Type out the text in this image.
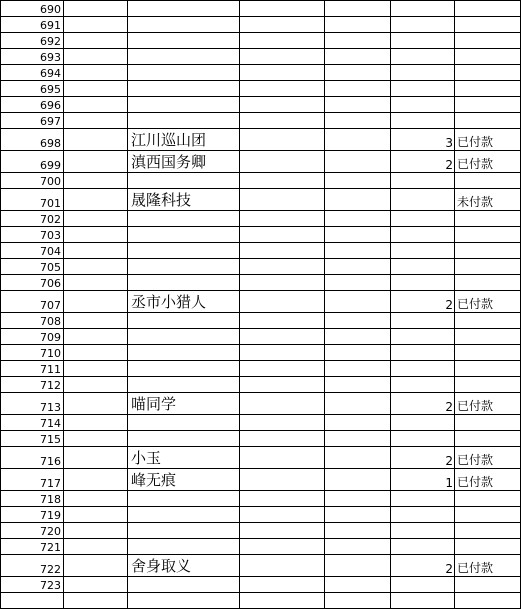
690						
691						
692						
693						
694						
695						
696						
697						
698		江川巡山团			3	已付款
699		滇西国务卿			2	已付款
700						
701		晟隆科技				未付款
702						
703						
704						
705						
706						
707		丞市小猎人			2	已付款
708						
709						
710						
711						
712						
713		喵同学			2	已付款
714						
715						
716		小玉			2	已付款
717		峰无痕			1	已付款
718						
719						
720						
721						
722		舍身取义			2	已付款
723						
